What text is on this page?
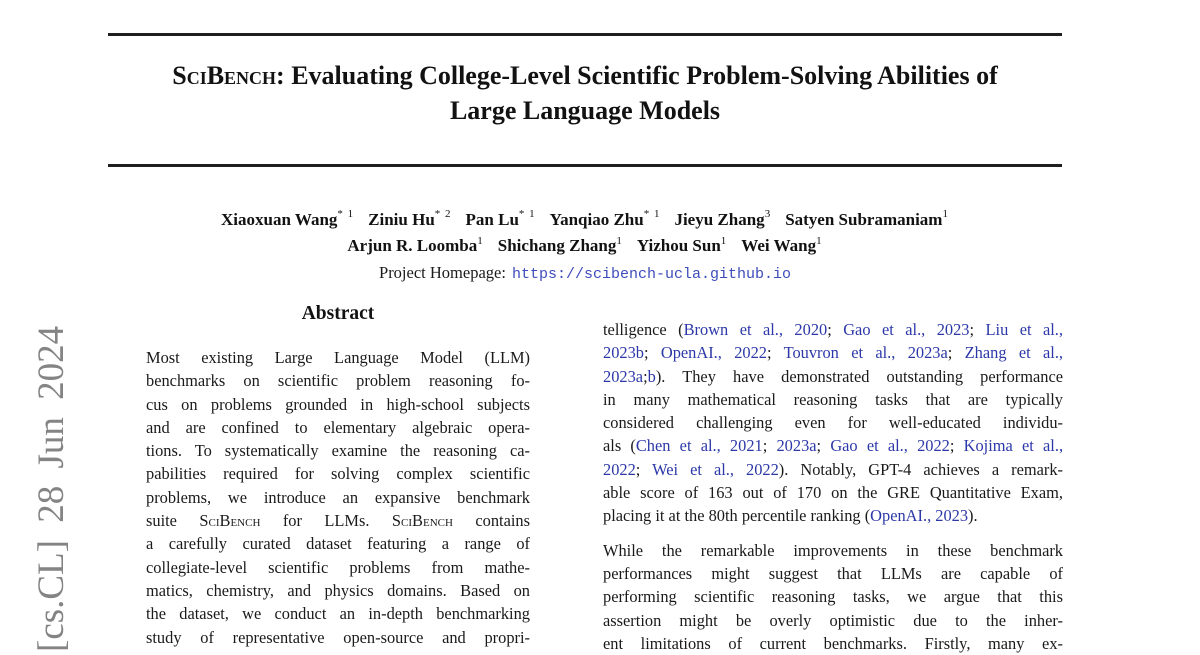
[cs.CL] 28 Jun 2024
SciBench: Evaluating College-Level Scientific Problem-Solving Abilities of
Large Language Models
Xiaoxuan Wang$^{* 1}$ Ziniu Hu$^{* 2}$ Pan Lu$^{* 1}$ Yanqiao Zhu$^{* 1}$ Jieyu Zhang$^3$ Satyen Subramaniam$^1$
Arjun R. Loomba$^1$ Shichang Zhang$^1$ Yizhou Sun$^1$ Wei Wang$^1$
Project Homepage: https://scibench-ucla.github.io
Abstract
Most existing Large Language Model (LLM)
benchmarks on scientific problem reasoning fo-
cus on problems grounded in high-school subjects
and are confined to elementary algebraic opera-
tions. To systematically examine the reasoning ca-
pabilities required for solving complex scientific
problems, we introduce an expansive benchmark
suite SciBench for LLMs. SciBench contains
a carefully curated dataset featuring a range of
collegiate-level scientific problems from mathe-
matics, chemistry, and physics domains. Based on
the dataset, we conduct an in-depth benchmarking
study of representative open-source and propri-
telligence (Brown et al., 2020; Gao et al., 2023; Liu et al.,
2023b; OpenAI., 2022; Touvron et al., 2023a; Zhang et al.,
2023a;b). They have demonstrated outstanding performance
in many mathematical reasoning tasks that are typically
considered challenging even for well-educated individu-
als (Chen et al., 2021; 2023a; Gao et al., 2022; Kojima et al.,
2022; Wei et al., 2022). Notably, GPT-4 achieves a remark-
able score of 163 out of 170 on the GRE Quantitative Exam,
placing it at the 80th percentile ranking (OpenAI., 2023).
While the remarkable improvements in these benchmark
performances might suggest that LLMs are capable of
performing scientific reasoning tasks, we argue that this
assertion might be overly optimistic due to the inher-
ent limitations of current benchmarks. Firstly, many ex-
